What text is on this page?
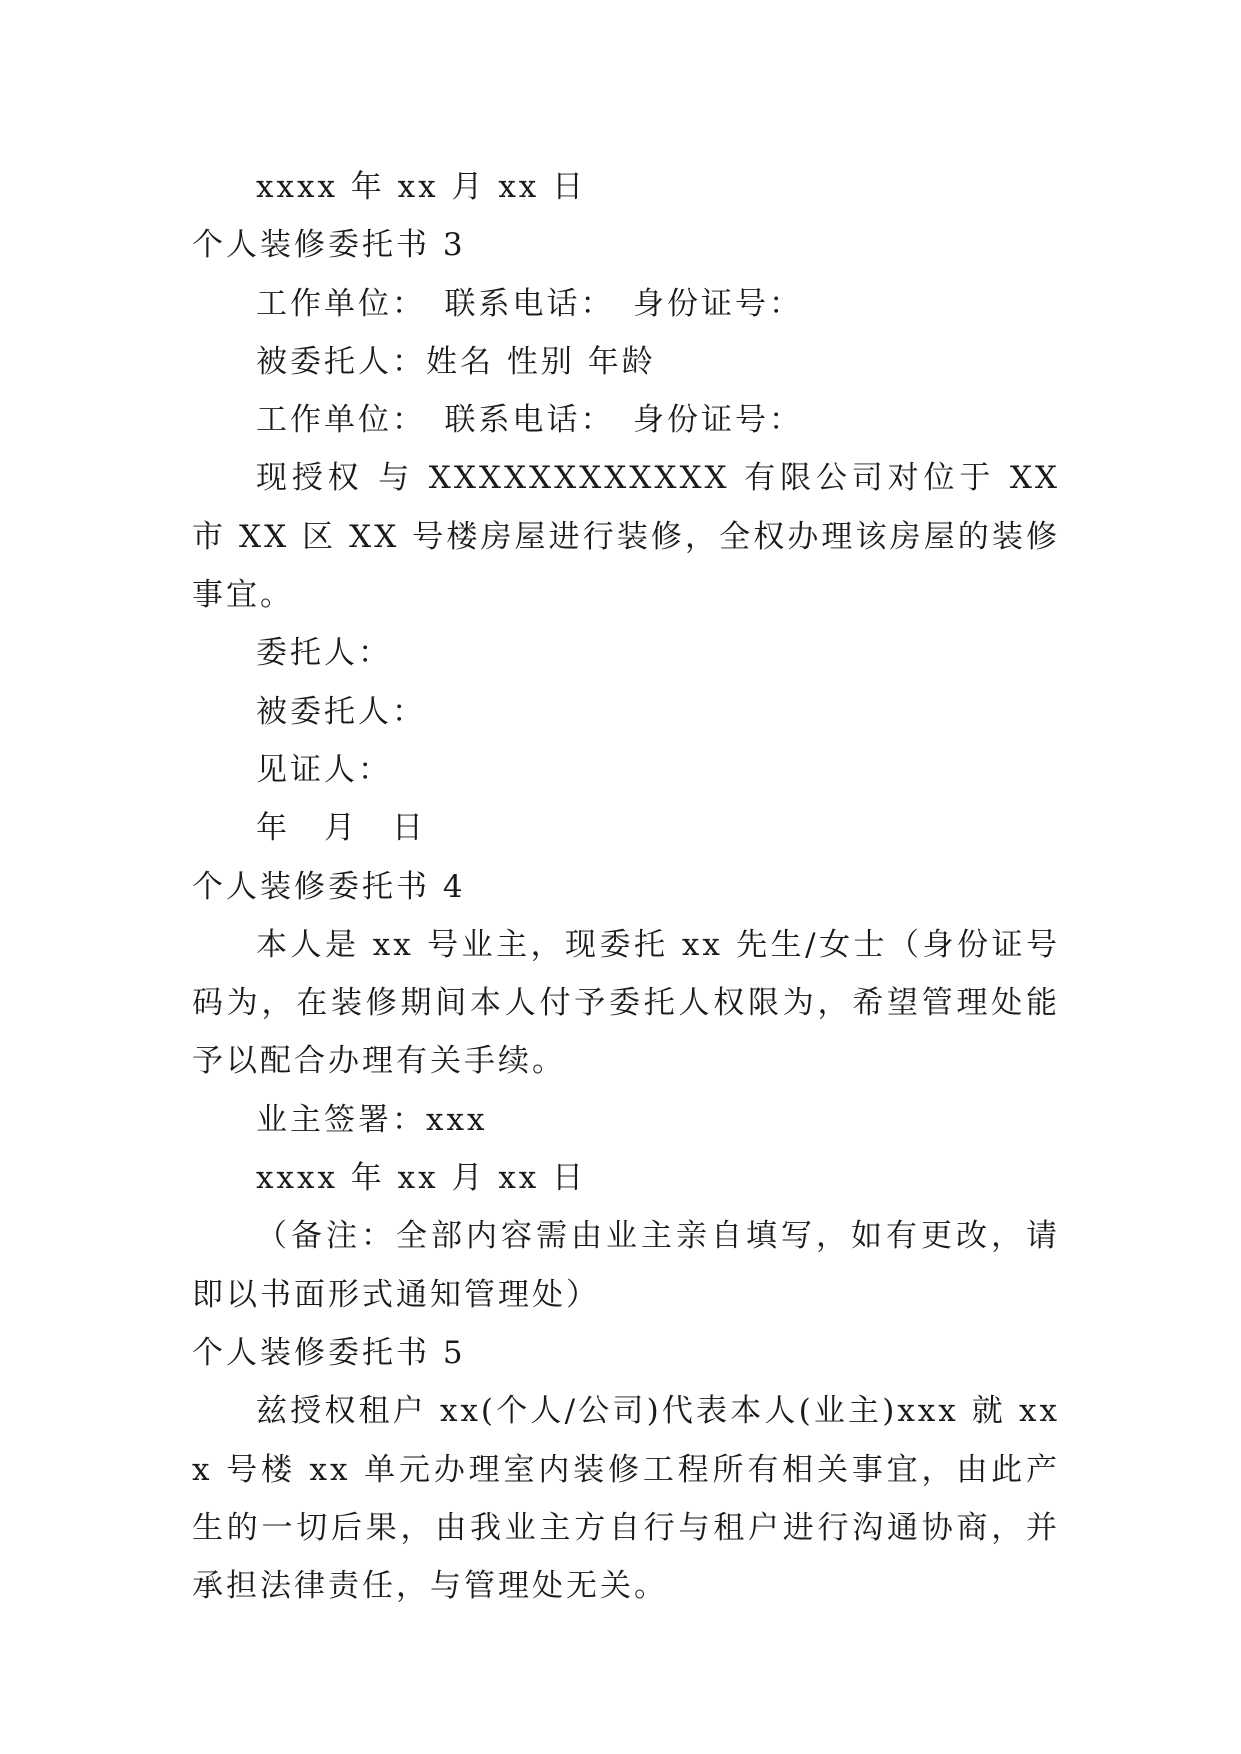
xxxx 年 xx 月 xx 日

个人装修委托书 3

工作单位：　联系电话：　身份证号：

被委托人：姓名 性别 年龄

工作单位：　联系电话：　身份证号：

现授权 与 XXXXXXXXXXXX 有限公司对位于 XX 市 XX 区 XX 号楼房屋进行装修，全权办理该房屋的装修事宜。

委托人：

被委托人：

见证人：

年　月　日

个人装修委托书 4

本人是 xx 号业主，现委托 xx 先生/女士（身份证号码为，在装修期间本人付予委托人权限为，希望管理处能予以配合办理有关手续。

业主签署：xxx

xxxx 年 xx 月 xx 日

（备注：全部内容需由业主亲自填写，如有更改，请即以书面形式通知管理处）

个人装修委托书 5

兹授权租户 xx(个人/公司)代表本人(业主)xxx 就 xxx 号楼 xx 单元办理室内装修工程所有相关事宜，由此产生的一切后果，由我业主方自行与租户进行沟通协商，并承担法律责任，与管理处无关。
